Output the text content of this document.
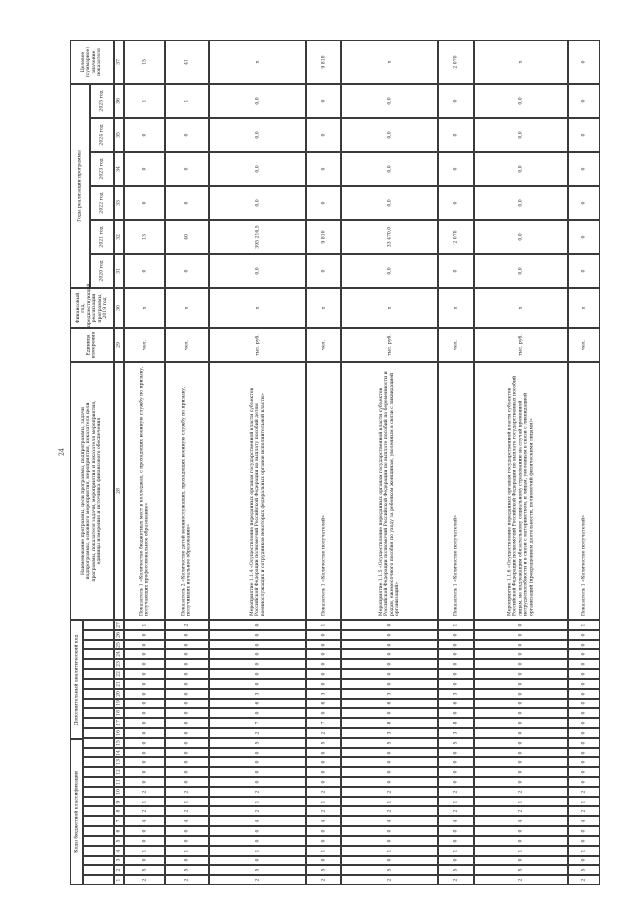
24
Целевое (суммарное) значение показателя
Годы реализации программы
2020 год
2021 год
2022 год
2023 год
2024 год
2025 год
Финансовый год, предшествующий реализации программы, 2019 год
Единица измерения
Наименование программы, цели программы, подпрограммы, задачи подпрограммы, основного мероприятия, мероприятия, показателя цели программы, показателя задачи, мероприятия и показателя мероприятия, единицы измерения и источника финансового обеспечения
Дополнительный аналитический код
Коды бюджетной классификации
1
2
3
4
5
6
7
8
9
10
11
12
13
14
15
16
17
18
19
20
21
22
23
24
25
26
27
28
29
30
31
32
33
34
35
36
37
2
5
0
1
0
0
4
2
1
2
0
0
0
0
0
0
0
0
0
0
0
0
0
0
0
0
1
Показатель 1 «Количество бюджетных мест в колледжах, с проходящих военную службу по призыву, получающих профессиональное образование»
чел.
х
0
13
0
0
0
1
15
2
5
0
1
0
0
4
2
1
2
0
0
0
0
0
0
0
0
0
0
0
0
0
0
0
0
2
Показатель 2 «Количество детей военнослужащих, проходящих военную службу по призыву, получивших начальное образование»
чел.
х
0
40
0
0
0
1
41
2
5
0
1
0
0
4
2
1
2
0
0
0
0
5
2
7
0
6
3
0
0
0
0
0
0
0
Мероприятие 1.1.4 «Осуществление переданных органам государственной власти субъектов Российской Федерации полномочий Российской Федерации на выплату пособий детям военнослужащих и сотрудников некоторых федеральных органов исполнительной власти»
тыс. руб.
х
0,0
395 216,5
0,0
0,0
0,0
0,0
х
2
5
0
1
0
0
4
2
1
2
0
0
0
0
5
2
7
0
6
3
0
0
0
0
0
0
1
Показатель 1 «Количество получателей»
чел.
х
0
9 810
0
0
0
0
9 810
2
5
0
1
0
0
4
2
1
2
0
0
0
0
5
3
8
0
6
3
0
0
0
0
0
0
0
Мероприятие 1.1.5 «Осуществление переданных органам государственной власти субъектов Российской Федерации полномочий Российской Федерации по выплате пособий по беременности и родам, ежемесячного пособия по уходу за ребенком женщинам, уволенным в связи с ликвидацией организаций»
тыс. руб.
х
0,0
33 470,0
0,0
0,0
0,0
0,0
х
2
5
0
1
0
0
4
2
1
2
0
0
0
0
5
3
8
0
6
3
0
0
0
0
0
0
1
Показатель 1 «Количество получателей»
чел.
х
0
2 070
0
0
0
0
2 070
2
5
0
1
0
0
4
2
1
2
0
0
0
0
0
0
0
0
0
0
0
0
0
0
0
0
0
Мероприятие 1.1.6 «Осуществление переданных органам государственной власти субъектов Российской Федерации полномочий Российской Федерации по выплате государственных пособий лицам, не подлежащим обязательному социальному страхованию на случай временной нетрудоспособности и в связи с материнством, и лицам, уволенным в связи с ликвидацией организаций (прекращением деятельности, полномочий физическими лицами)»
тыс. руб.
х
0,0
0,0
0,0
0,0
0,0
0,0
х
2
5
0
1
0
0
4
2
1
2
0
0
0
0
0
0
0
0
0
0
0
0
0
0
0
0
1
Показатель 1 «Количество получателей»
чел.
х
0
0
0
0
0
0
0
